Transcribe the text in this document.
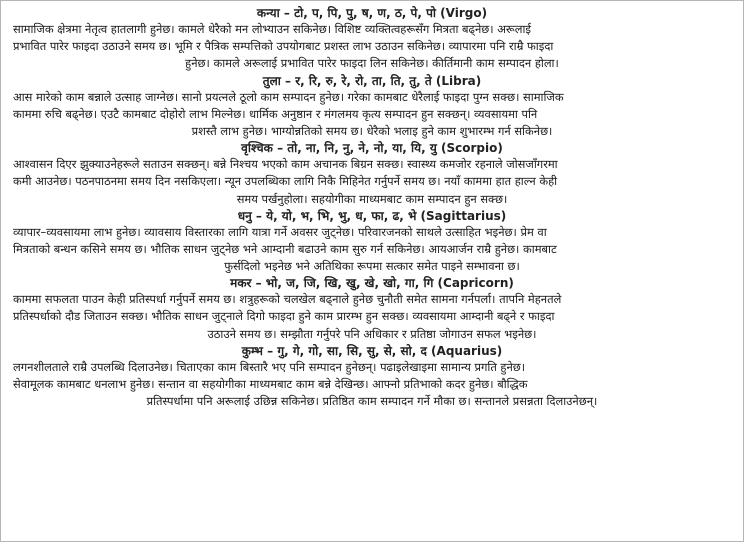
कन्या – टो, प, पि, पु, ष, ण, ठ, पे, पो (Virgo)
सामाजिक क्षेत्रमा नेतृत्व हातलागी हुनेछ। कामले धेरैको मन लोभ्याउन सकिनेछ। विशिष्ट व्यक्तित्वहरूसँग मित्रता बढ्नेछ। अरूलाई
प्रभावित पारेर फाइदा उठाउने समय छ। भूमि र पैत्रिक सम्पत्तिको उपयोगबाट प्रशस्त लाभ उठाउन सकिनेछ। व्यापारमा पनि राम्रै फाइदा
हुनेछ। कामले अरूलाई प्रभावित पारेर फाइदा लिन सकिनेछ। कीर्तिमानी काम सम्पादन होला।
तुला – र, रि, रु, रे, रो, ता, ति, तु, ते (Libra)
आस मारेको काम बन्नाले उत्साह जाग्नेछ। सानो प्रयत्नले ठूलो काम सम्पादन हुनेछ। गरेका कामबाट धेरैलाई फाइदा पुग्न सक्छ। सामाजिक
काममा रुचि बढ्नेछ। एउटै कामबाट दोहोरो लाभ मिल्नेछ। धार्मिक अनुष्ठान र मंगलमय कृत्य सम्पादन हुन सक्छन्। व्यवसायमा पनि
प्रशस्तै लाभ हुनेछ। भाग्योन्नतिको समय छ। धेरैको भलाइ हुने काम शुभारम्भ गर्न सकिनेछ।
वृश्चिक – तो, ना, नि, नु, ने, नो, या, यि, यु (Scorpio)
आश्वासन दिएर झुक्याउनेहरूले सताउन सक्छन्। बन्ने निश्चय भएको काम अचानक बिग्रन सक्छ। स्वास्थ्य कमजोर रहनाले जोसजाँगरमा
कमी आउनेछ। पठनपाठनमा समय दिन नसकिएला। न्यून उपलब्धिका लागि निकै मिहिनेत गर्नुपर्ने समय छ। नयाँ काममा हात हाल्न केही
समय पर्खनुहोला। सहयोगीका माध्यमबाट काम सम्पादन हुन सक्छ।
धनु – ये, यो, भ, भि, भु, ध, फा, ढ, भे (Sagittarius)
व्यापार–व्यवसायमा लाभ हुनेछ। व्यावसाय विस्तारका लागि यात्रा गर्ने अवसर जुट्नेछ। परिवारजनको साथले उत्साहित भइनेछ। प्रेम वा
मित्रताको बन्धन कसिने समय छ। भौतिक साधन जुट्नेछ भने आम्दानी बढाउने काम सुरु गर्न सकिनेछ। आयआर्जन राम्रै हुनेछ। कामबाट
फुर्सदिलो भइनेछ भने अतिथिका रूपमा सत्कार समेत पाइने सम्भावना छ।
मकर – भो, ज, जि, खि, खु, खे, खो, गा, गि (Capricorn)
काममा सफलता पाउन केही प्रतिस्पर्धा गर्नुपर्ने समय छ। शत्रुहरूको चलखेल बढ्नाले हुनेछ चुनौती समेत सामना गर्नपर्ला। तापनि मेहनतले
प्रतिस्पर्धाको दौड जिताउन सक्छ। भौतिक साधन जुट्नाले दिगो फाइदा हुने काम प्रारम्भ हुन सक्छ। व्यवसायमा आम्दानी बढ्ने र फाइदा
उठाउने समय छ। सम्झौता गर्नुपरे पनि अधिकार र प्रतिष्ठा जोगाउन सफल भइनेछ।
कुम्भ – गु, गे, गो, सा, सि, सु, से, सो, द (Aquarius)
लगनशीलताले राम्रै उपलब्धि दिलाउनेछ। चिताएका काम बिस्तारै भए पनि सम्पादन हुनेछन्। पढाइलेखाइमा सामान्य प्रगति हुनेछ।
सेवामूलक कामबाट धनलाभ हुनेछ। सन्तान वा सहयोगीका माध्यमबाट काम बन्ने देखिन्छ। आफ्नो प्रतिभाको कदर हुनेछ। बौद्धिक
प्रतिस्पर्धामा पनि अरूलाई उछिन्न सकिनेछ। प्रतिष्ठित काम सम्पादन गर्ने मौका छ। सन्तानले प्रसन्नता दिलाउनेछन्।
